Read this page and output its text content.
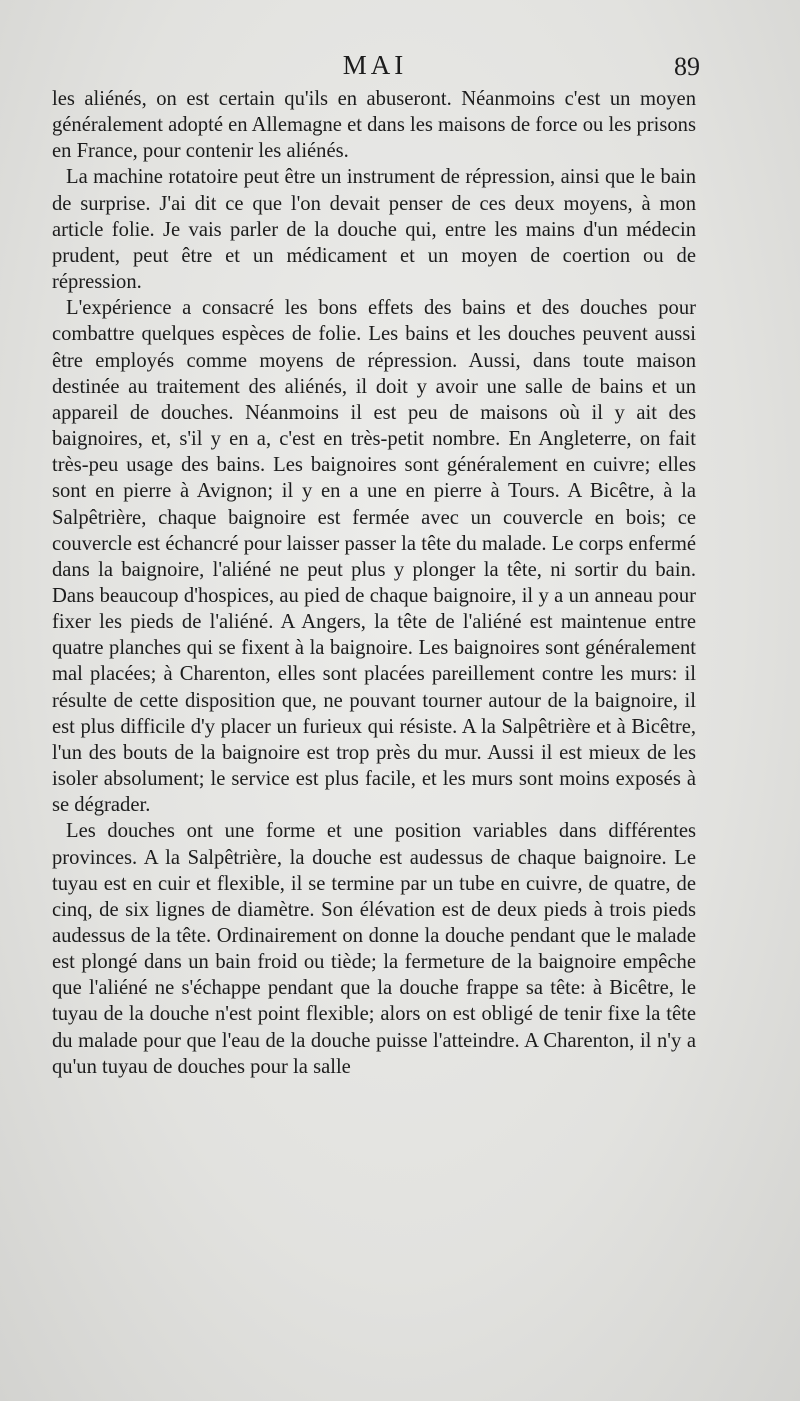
MAI	89

les aliénés, on est certain qu'ils en abuseront. Néanmoins c'est un moyen généralement adopté en Allemagne et dans les maisons de force ou les prisons en France, pour contenir les aliénés.

La machine rotatoire peut être un instrument de répression, ainsi que le bain de surprise. J'ai dit ce que l'on devait penser de ces deux moyens, à mon article folie. Je vais parler de la douche qui, entre les mains d'un médecin prudent, peut être et un médicament et un moyen de coertion ou de répression.

L'expérience a consacré les bons effets des bains et des douches pour combattre quelques espèces de folie. Les bains et les douches peuvent aussi être employés comme moyens de répression. Aussi, dans toute maison destinée au traitement des aliénés, il doit y avoir une salle de bains et un appareil de douches. Néanmoins il est peu de maisons où il y ait des baignoires, et, s'il y en a, c'est en très-petit nombre. En Angleterre, on fait très-peu usage des bains. Les baignoires sont généralement en cuivre; elles sont en pierre à Avignon; il y en a une en pierre à Tours. A Bicêtre, à la Salpêtrière, chaque baignoire est fermée avec un couvercle en bois; ce couvercle est échancré pour laisser passer la tête du malade. Le corps enfermé dans la baignoire, l'aliéné ne peut plus y plonger la tête, ni sortir du bain. Dans beaucoup d'hospices, au pied de chaque baignoire, il y a un anneau pour fixer les pieds de l'aliéné. A Angers, la tête de l'aliéné est maintenue entre quatre planches qui se fixent à la baignoire. Les baignoires sont généralement mal placées; à Charenton, elles sont placées pareillement contre les murs: il résulte de cette disposition que, ne pouvant tourner autour de la baignoire, il est plus difficile d'y placer un furieux qui résiste. A la Salpêtrière et à Bicêtre, l'un des bouts de la baignoire est trop près du mur. Aussi il est mieux de les isoler absolument; le service est plus facile, et les murs sont moins exposés à se dégrader.

Les douches ont une forme et une position variables dans différentes provinces. A la Salpêtrière, la douche est audessus de chaque baignoire. Le tuyau est en cuir et flexible, il se termine par un tube en cuivre, de quatre, de cinq, de six lignes de diamètre. Son élévation est de deux pieds à trois pieds audessus de la tête. Ordinairement on donne la douche pendant que le malade est plongé dans un bain froid ou tiède; la fermeture de la baignoire empêche que l'aliéné ne s'échappe pendant que la douche frappe sa tête: à Bicêtre, le tuyau de la douche n'est point flexible; alors on est obligé de tenir fixe la tête du malade pour que l'eau de la douche puisse l'atteindre. A Charenton, il n'y a qu'un tuyau de douches pour la salle
